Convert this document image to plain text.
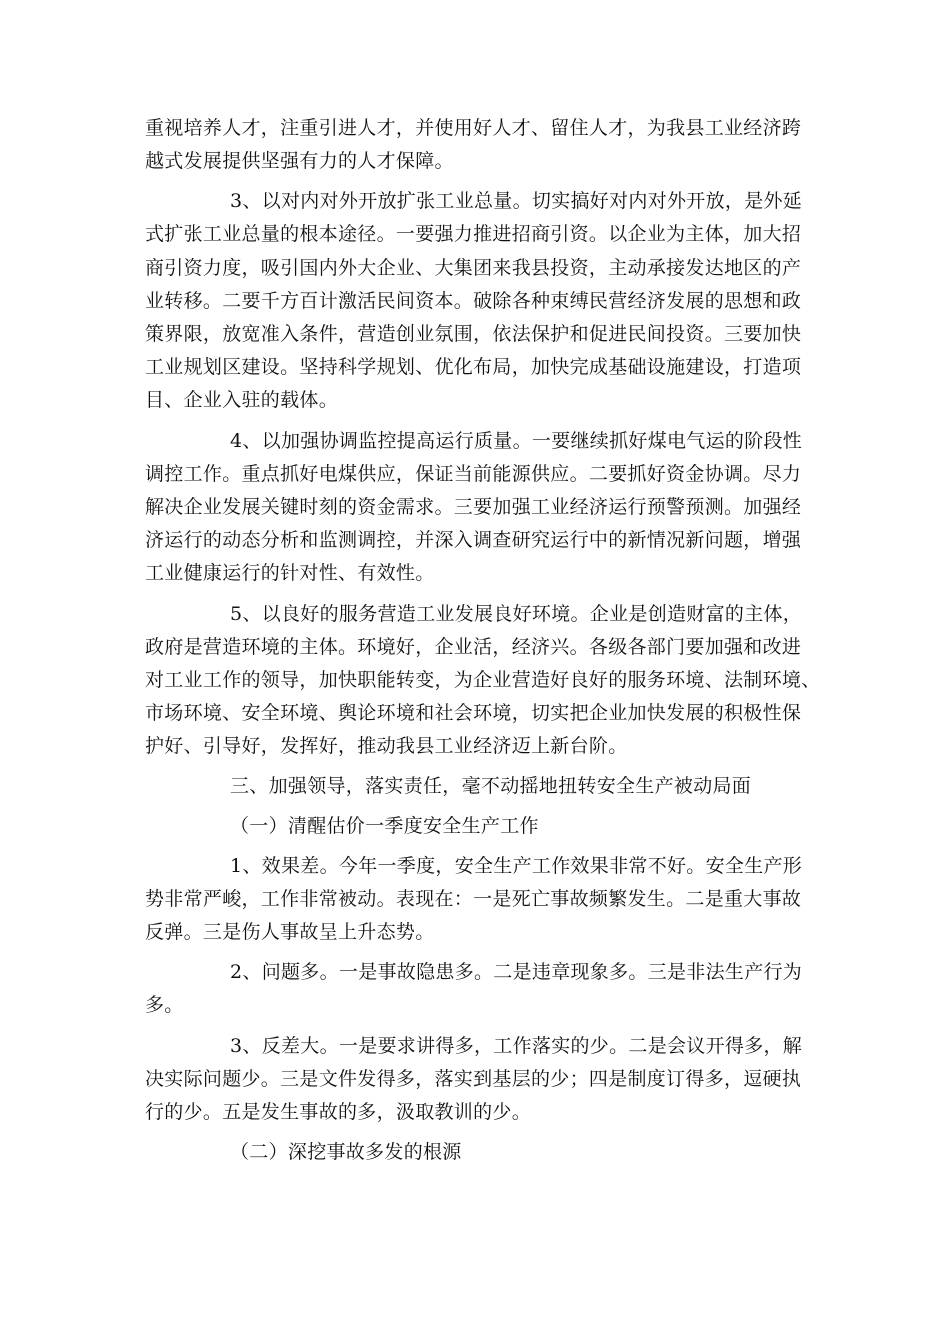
重视培养人才，注重引进人才，并使用好人才、留住人才，为我县工业经济跨
越式发展提供坚强有力的人才保障。
3、以对内对外开放扩张工业总量。切实搞好对内对外开放，是外延
式扩张工业总量的根本途径。一要强力推进招商引资。以企业为主体，加大招
商引资力度，吸引国内外大企业、大集团来我县投资，主动承接发达地区的产
业转移。二要千方百计激活民间资本。破除各种束缚民营经济发展的思想和政
策界限，放宽准入条件，营造创业氛围，依法保护和促进民间投资。三要加快
工业规划区建设。坚持科学规划、优化布局，加快完成基础设施建设，打造项
目、企业入驻的载体。
4、以加强协调监控提高运行质量。一要继续抓好煤电气运的阶段性
调控工作。重点抓好电煤供应，保证当前能源供应。二要抓好资金协调。尽力
解决企业发展关键时刻的资金需求。三要加强工业经济运行预警预测。加强经
济运行的动态分析和监测调控，并深入调查研究运行中的新情况新问题，增强
工业健康运行的针对性、有效性。
5、以良好的服务营造工业发展良好环境。企业是创造财富的主体，
政府是营造环境的主体。环境好，企业活，经济兴。各级各部门要加强和改进
对工业工作的领导，加快职能转变，为企业营造好良好的服务环境、法制环境、
市场环境、安全环境、舆论环境和社会环境，切实把企业加快发展的积极性保
护好、引导好，发挥好，推动我县工业经济迈上新台阶。
三、加强领导，落实责任，毫不动摇地扭转安全生产被动局面
（一）清醒估价一季度安全生产工作
1、效果差。今年一季度，安全生产工作效果非常不好。安全生产形
势非常严峻，工作非常被动。表现在：一是死亡事故频繁发生。二是重大事故
反弹。三是伤人事故呈上升态势。
2、问题多。一是事故隐患多。二是违章现象多。三是非法生产行为
多。
3、反差大。一是要求讲得多，工作落实的少。二是会议开得多，解
决实际问题少。三是文件发得多，落实到基层的少；四是制度订得多，逗硬执
行的少。五是发生事故的多，汲取教训的少。
（二）深挖事故多发的根源
